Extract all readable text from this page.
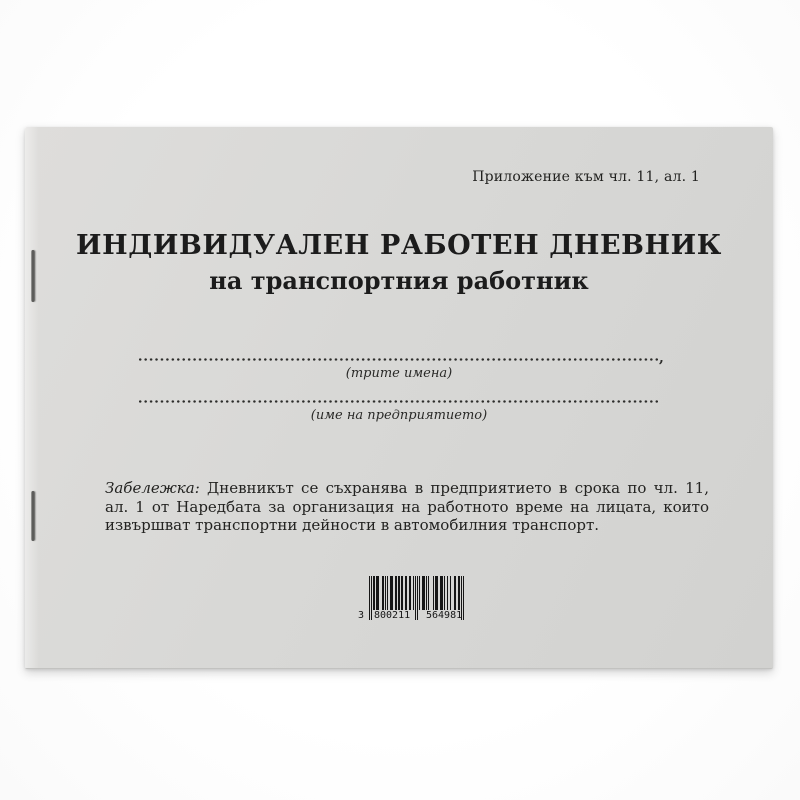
Приложение към чл. 11, ал. 1
ИНДИВИДУАЛЕН РАБОТЕН ДНЕВНИК
на транспортния работник
,
(трите имена)
(име на предприятието)
Забележка: Дневникът се съхранява в предприятието в срока по чл. 11, ал. 1 от Наредбата за организация на работното време на лицата, които извършват транспортни дейности в автомобилния транспорт.
3 800211	564981
